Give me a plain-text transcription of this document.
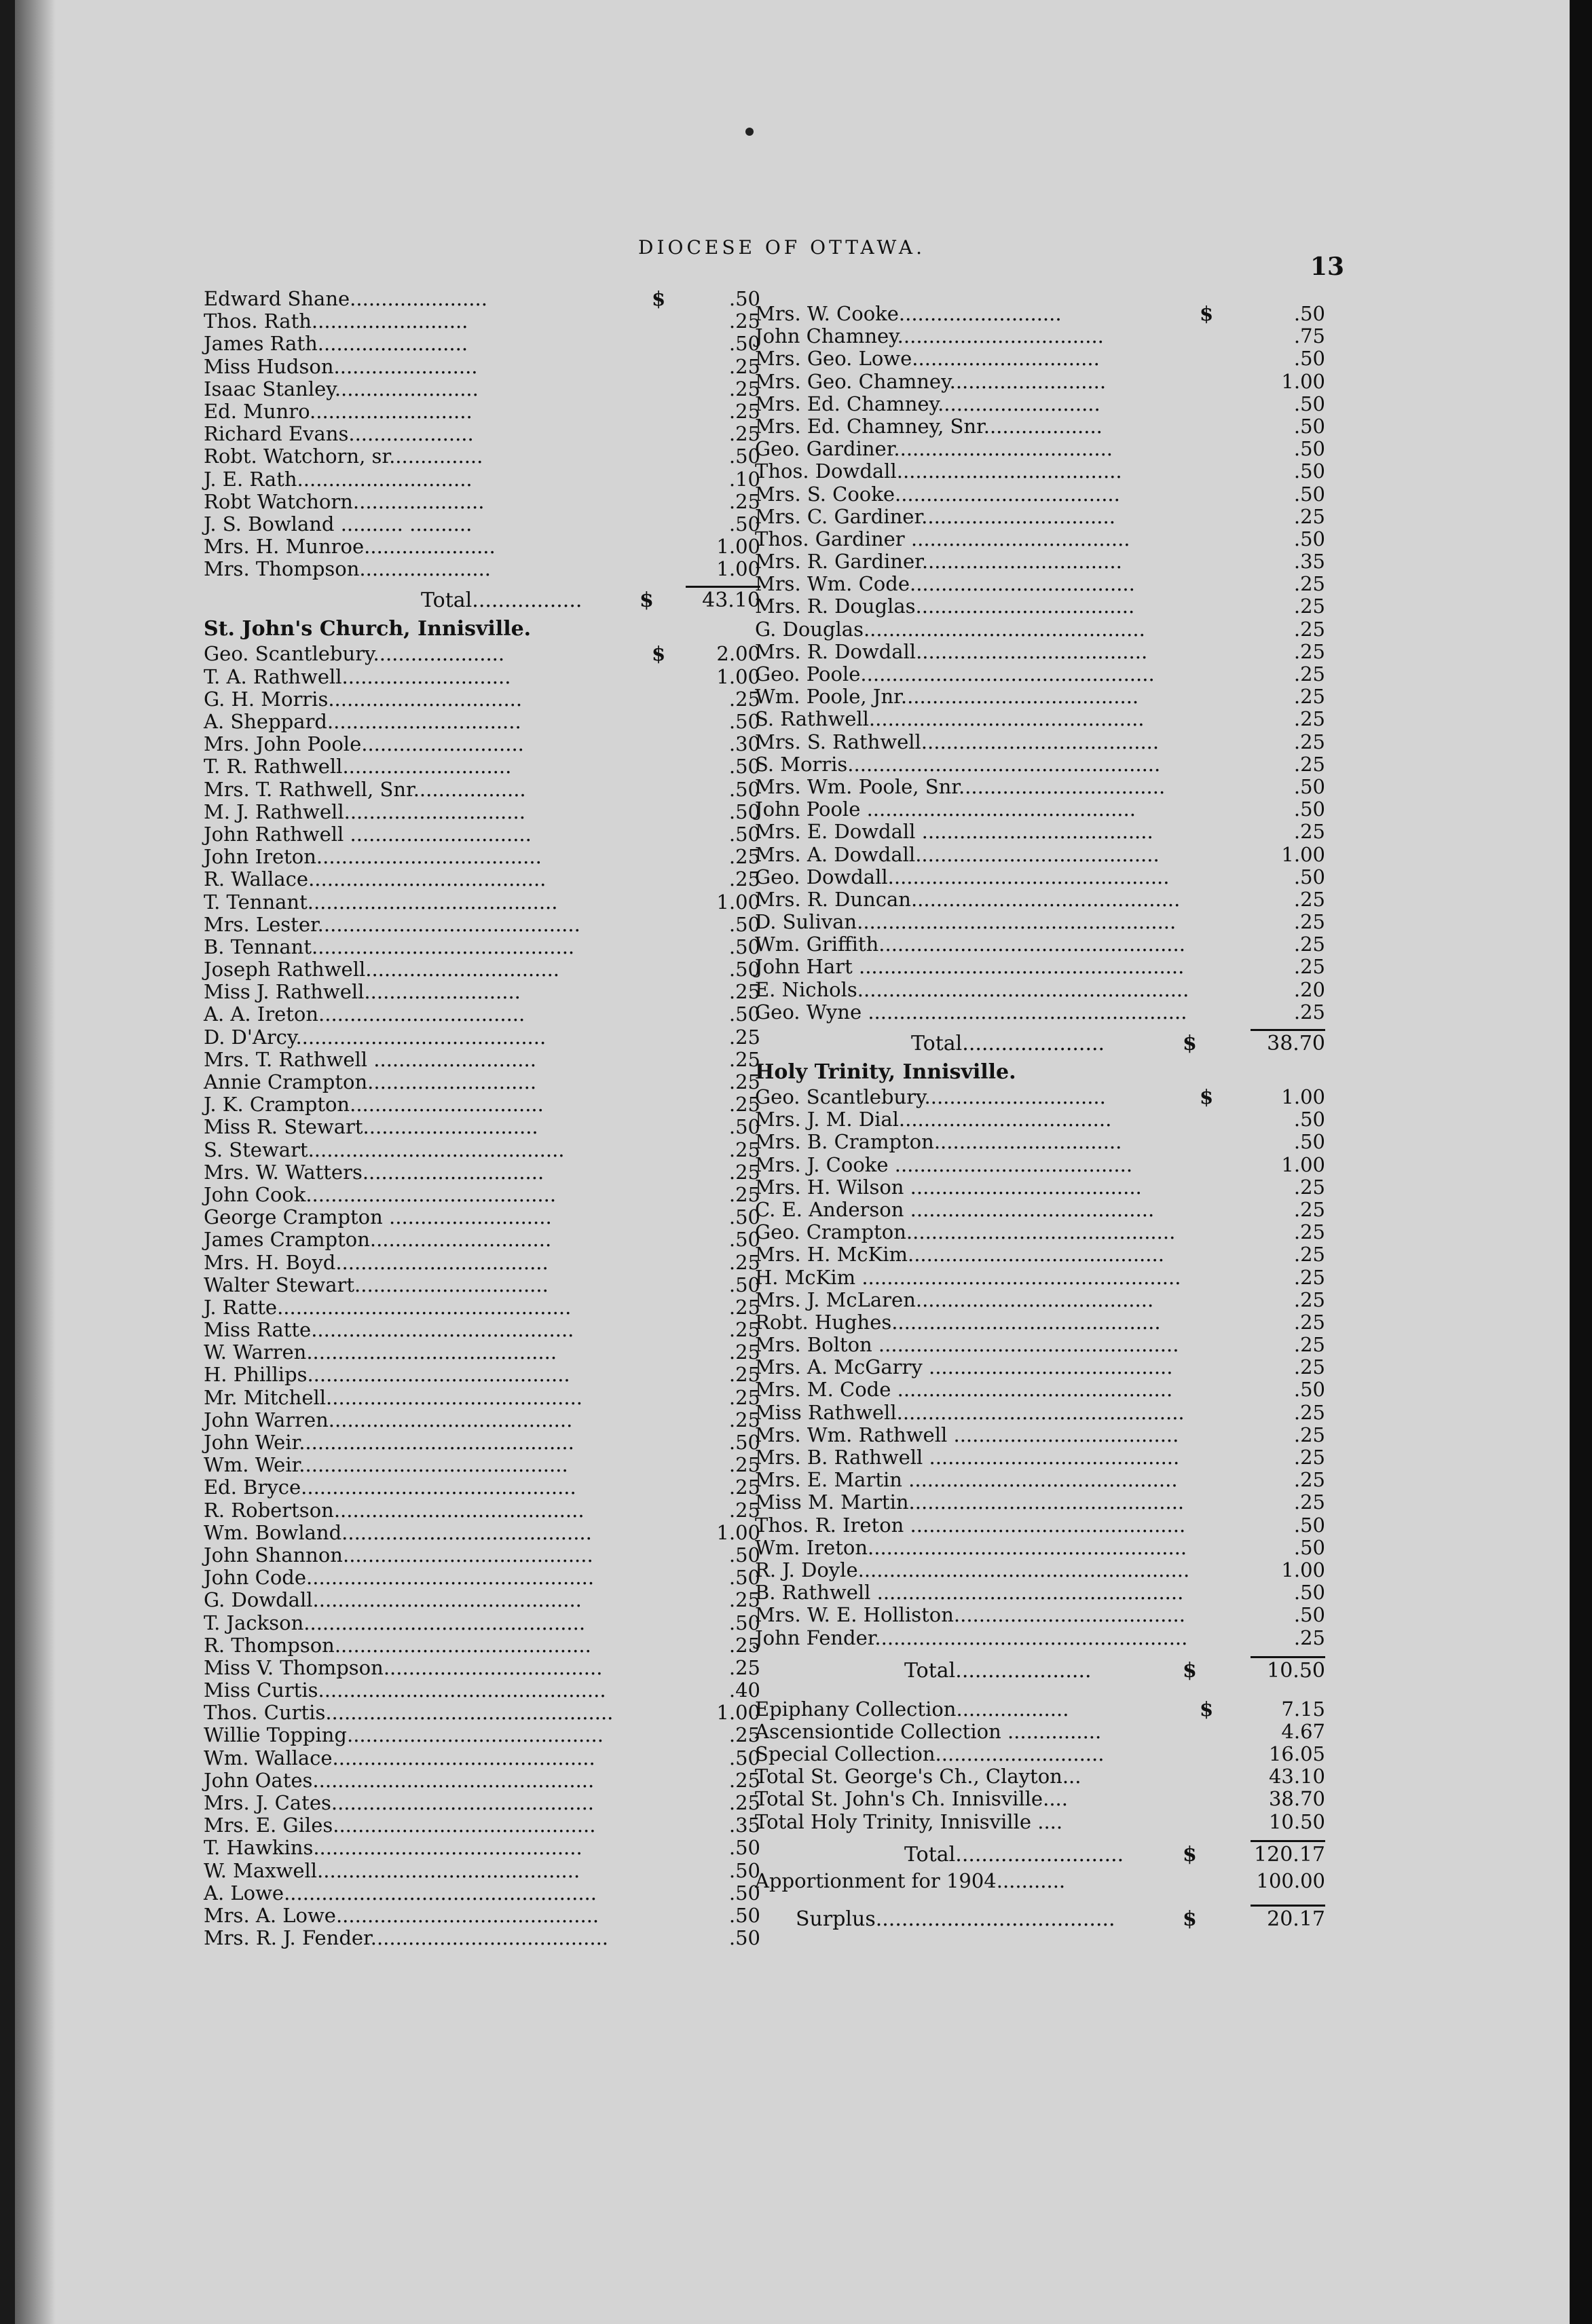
DIOCESE OF OTTAWA.
13
Edward Shane......................	$	.50
Thos. Rath.........................	.25
James Rath........................	.50
Miss Hudson.......................	.25
Isaac Stanley.......................	.25
Ed. Munro..........................	.25
Richard Evans....................	.25
Robt. Watchorn, sr...............	.50
J. E. Rath............................	.10
Robt Watchorn.....................	.25
J. S. Bowland .......... ..........	.50
Mrs. H. Munroe.....................	1.00
Mrs. Thompson.....................	1.00
Total.................	$ 43.10
St. John's Church, Innisville.
Geo. Scantlebury.....................	$	2.00
T. A. Rathwell...........................	1.00
G. H. Morris...............................	.25
A. Sheppard...............................	.50
Mrs. John Poole..........................	.30
T. R. Rathwell...........................	.50
Mrs. T. Rathwell, Snr..................	.50
M. J. Rathwell.............................	.50
John Rathwell .............................	.50
John Ireton....................................	.25
R. Wallace......................................	.25
T. Tennant........................................	1.00
Mrs. Lester..........................................	.50
B. Tennant..........................................	.50
Joseph Rathwell...............................	.50
Miss J. Rathwell.........................	.25
A. A. Ireton.................................	.50
D. D'Arcy........................................	.25
Mrs. T. Rathwell ..........................	.25
Annie Crampton...........................	.25
J. K. Crampton...............................	.25
Miss R. Stewart............................	.50
S. Stewart.........................................	.25
Mrs. W. Watters.............................	.25
John Cook........................................	.25
George Crampton ..........................	.50
James Crampton.............................	.50
Mrs. H. Boyd..................................	.25
Walter Stewart...............................	.50
J. Ratte...............................................	.25
Miss Ratte..........................................	.25
W. Warren........................................	.25
H. Phillips..........................................	.25
Mr. Mitchell.........................................	.25
John Warren.......................................	.25
John Weir............................................	.50
Wm. Weir...........................................	.25
Ed. Bryce............................................	.25
R. Robertson........................................	.25
Wm. Bowland........................................	1.00
John Shannon........................................	.50
John Code..............................................	.50
G. Dowdall...........................................	.25
T. Jackson.............................................	.50
R. Thompson.........................................	.25
Miss V. Thompson...................................	.25
Miss Curtis..............................................	.40
Thos. Curtis..............................................	1.00
Willie Topping.........................................	.25
Wm. Wallace..........................................	.50
John Oates.............................................	.25
Mrs. J. Cates..........................................	.25
Mrs. E. Giles..........................................	.35
T. Hawkins...........................................	.50
W. Maxwell..........................................	.50
A. Lowe..................................................	.50
Mrs. A. Lowe..........................................	.50
Mrs. R. J. Fender......................................	.50
Mrs. W. Cooke..........................	$	.50
John Chamney.................................	.75
Mrs. Geo. Lowe..............................	.50
Mrs. Geo. Chamney.........................	1.00
Mrs. Ed. Chamney..........................	.50
Mrs. Ed. Chamney, Snr...................	.50
Geo. Gardiner...................................	.50
Thos. Dowdall....................................	.50
Mrs. S. Cooke....................................	.50
Mrs. C. Gardiner...............................	.25
Thos. Gardiner ...................................	.50
Mrs. R. Gardiner................................	.35
Mrs. Wm. Code....................................	.25
Mrs. R. Douglas...................................	.25
G. Douglas.............................................	.25
Mrs. R. Dowdall.....................................	.25
Geo. Poole...............................................	.25
Wm. Poole, Jnr......................................	.25
S. Rathwell............................................	.25
Mrs. S. Rathwell......................................	.25
S. Morris..................................................	.25
Mrs. Wm. Poole, Snr.................................	.50
John Poole ...........................................	.50
Mrs. E. Dowdall .....................................	.25
Mrs. A. Dowdall.......................................	1.00
Geo. Dowdall.............................................	.50
Mrs. R. Duncan...........................................	.25
D. Sulivan...................................................	.25
Wm. Griffith.................................................	.25
John Hart ....................................................	.25
E. Nichols.....................................................	.20
Geo. Wyne ...................................................	.25
Total......................	$	38.70
Holy Trinity, Innisville.
Geo. Scantlebury.............................	$	1.00
Mrs. J. M. Dial..................................	.50
Mrs. B. Crampton..............................	.50
Mrs. J. Cooke ......................................	1.00
Mrs. H. Wilson .....................................	.25
C. E. Anderson .......................................	.25
Geo. Crampton...........................................	.25
Mrs. H. McKim.........................................	.25
H. McKim ...................................................	.25
Mrs. J. McLaren......................................	.25
Robt. Hughes...........................................	.25
Mrs. Bolton ................................................	.25
Mrs. A. McGarry .......................................	.25
Mrs. M. Code ............................................	.50
Miss Rathwell..............................................	.25
Mrs. Wm. Rathwell ....................................	.25
Mrs. B. Rathwell ........................................	.25
Mrs. E. Martin ...........................................	.25
Miss M. Martin............................................	.25
Thos. R. Ireton ............................................	.50
Wm. Ireton...................................................	.50
R. J. Doyle.....................................................	1.00
B. Rathwell .................................................	.50
Mrs. W. E. Holliston.....................................	.50
John Fender..................................................	.25
Total.....................	$	10.50
Epiphany Collection..................	$	7.15
Ascensiontide Collection ...............	4.67
Special Collection...........................	16.05
Total St. George's Ch., Clayton...	43.10
Total St. John's Ch. Innisville....	38.70
Total Holy Trinity, Innisville ....	10.50
Total..........................	$	120.17
Apportionment for 1904...........	100.00
Surplus.....................................	$	20.17
